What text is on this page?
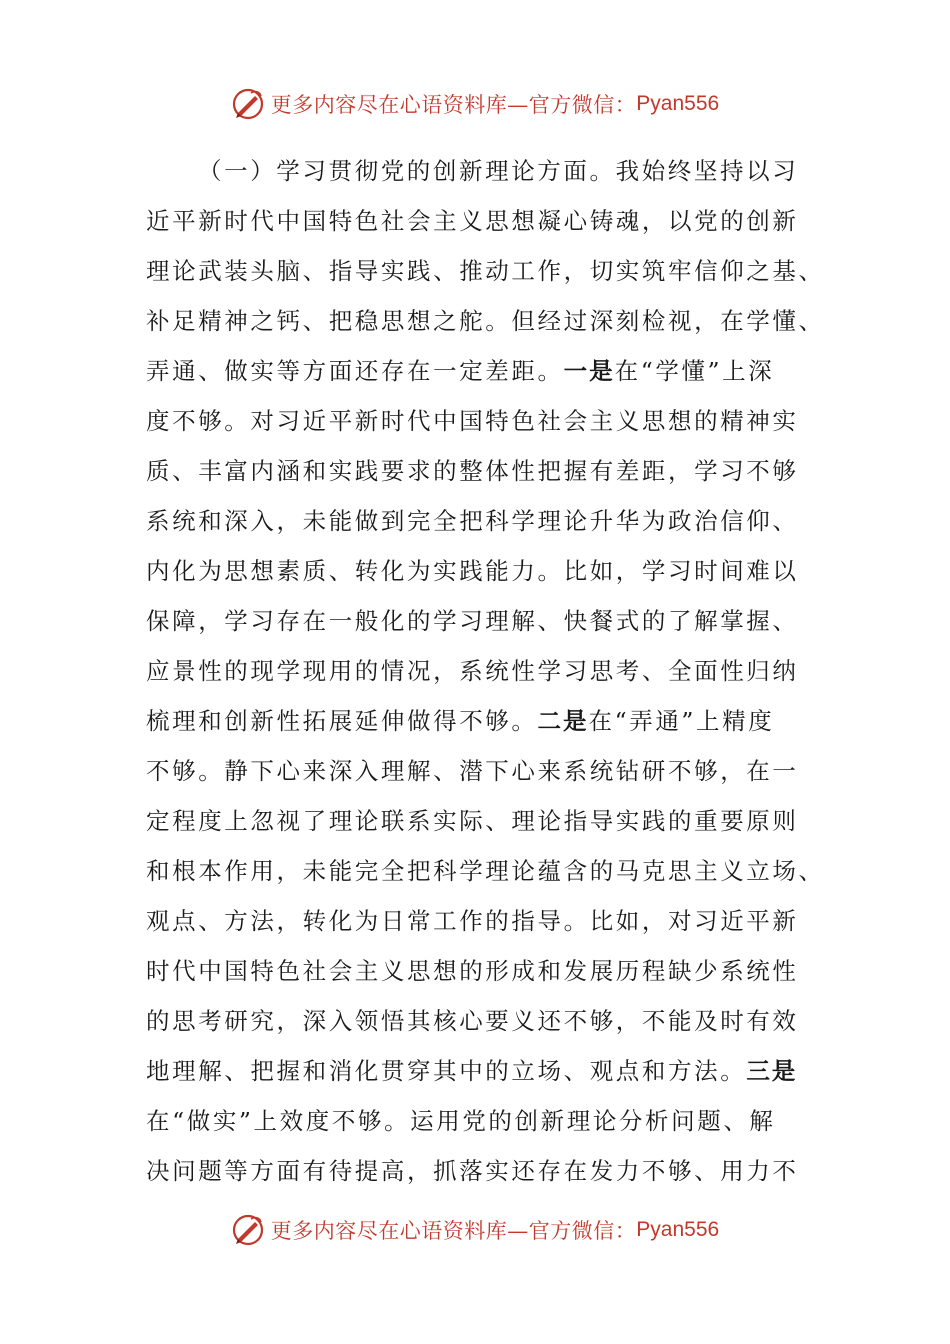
更多内容尽在心语资料库—官方微信： Pyan556
（一）学习贯彻党的创新理论方面。我始终坚持以习
近平新时代中国特色社会主义思想凝心铸魂，以党的创新
理论武装头脑、指导实践、推动工作，切实筑牢信仰之基、
补足精神之钙、把稳思想之舵。但经过深刻检视，在学懂、
弄通、做实等方面还存在一定差距。一是在“学懂”上深
度不够。对习近平新时代中国特色社会主义思想的精神实
质、丰富内涵和实践要求的整体性把握有差距，学习不够
系统和深入，未能做到完全把科学理论升华为政治信仰、
内化为思想素质、转化为实践能力。比如，学习时间难以
保障，学习存在一般化的学习理解、快餐式的了解掌握、
应景性的现学现用的情况，系统性学习思考、全面性归纳
梳理和创新性拓展延伸做得不够。二是在“弄通”上精度
不够。静下心来深入理解、潜下心来系统钻研不够，在一
定程度上忽视了理论联系实际、理论指导实践的重要原则
和根本作用，未能完全把科学理论蕴含的马克思主义立场、
观点、方法，转化为日常工作的指导。比如，对习近平新
时代中国特色社会主义思想的形成和发展历程缺少系统性
的思考研究，深入领悟其核心要义还不够，不能及时有效
地理解、把握和消化贯穿其中的立场、观点和方法。三是
在“做实”上效度不够。运用党的创新理论分析问题、解
决问题等方面有待提高，抓落实还存在发力不够、用力不
更多内容尽在心语资料库—官方微信： Pyan556
